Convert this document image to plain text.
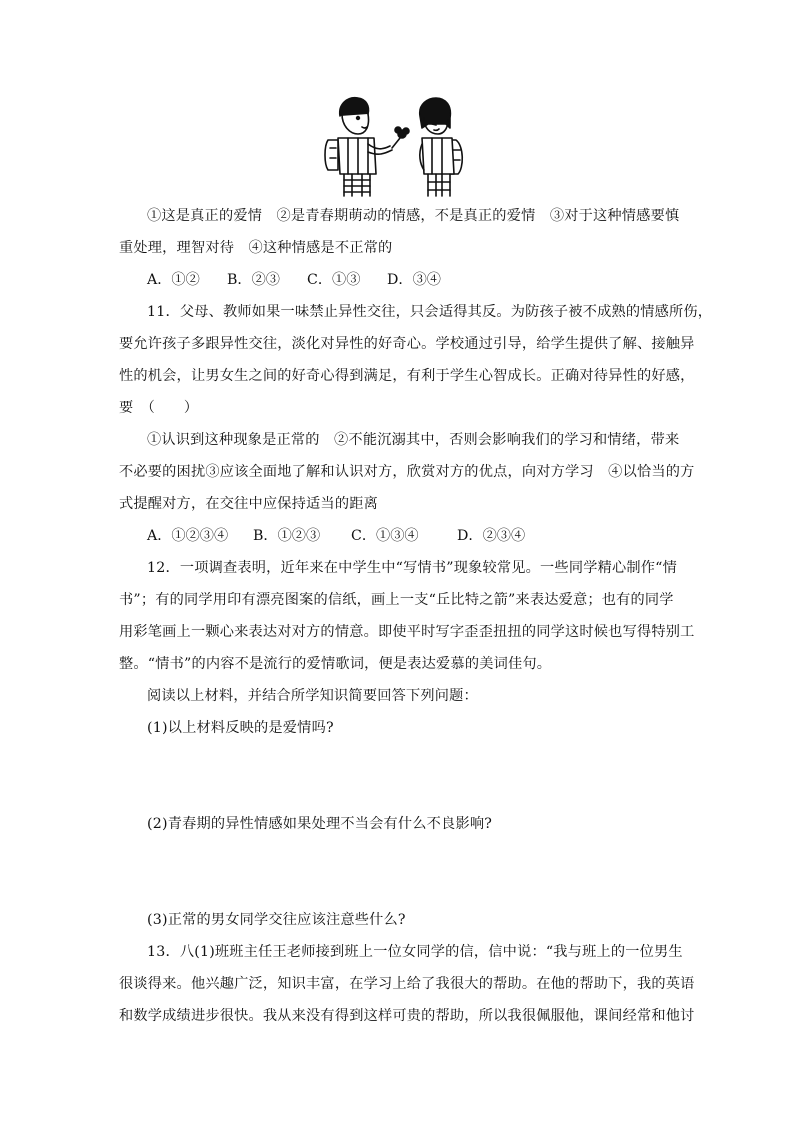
①这是真正的爱情　②是青春期萌动的情感，不是真正的爱情　③对于这种情感要慎
重处理，理智对待　④这种情感是不正常的
A．①② B．②③ C．①③ D．③④
11．父母、教师如果一味禁止异性交往，只会适得其反。为防孩子被不成熟的情感所伤，
要允许孩子多跟异性交往，淡化对异性的好奇心。学校通过引导，给学生提供了解、接触异
性的机会，让男女生之间的好奇心得到满足，有利于学生心智成长。正确对待异性的好感，
要　（　　）
①认识到这种现象是正常的　②不能沉溺其中，否则会影响我们的学习和情绪，带来
不必要的困扰③应该全面地了解和认识对方，欣赏对方的优点，向对方学习　④以恰当的方
式提醒对方，在交往中应保持适当的距离
A．①②③④ B．①②③ C．①③④	D．②③④
12．一项调查表明，近年来在中学生中“写情书”现象较常见。一些同学精心制作“情
书”；有的同学用印有漂亮图案的信纸，画上一支“丘比特之箭”来表达爱意；也有的同学
用彩笔画上一颗心来表达对对方的情意。即使平时写字歪歪扭扭的同学这时候也写得特别工
整。“情书”的内容不是流行的爱情歌词，便是表达爱慕的美词佳句。
阅读以上材料，并结合所学知识简要回答下列问题：
(1)以上材料反映的是爱情吗?
(2)青春期的异性情感如果处理不当会有什么不良影响?
(3)正常的男女同学交往应该注意些什么?
13．八(1)班班主任王老师接到班上一位女同学的信，信中说：“我与班上的一位男生
很谈得来。他兴趣广泛，知识丰富，在学习上给了我很大的帮助。在他的帮助下，我的英语
和数学成绩进步很快。我从来没有得到这样可贵的帮助，所以我很佩服他，课间经常和他讨
